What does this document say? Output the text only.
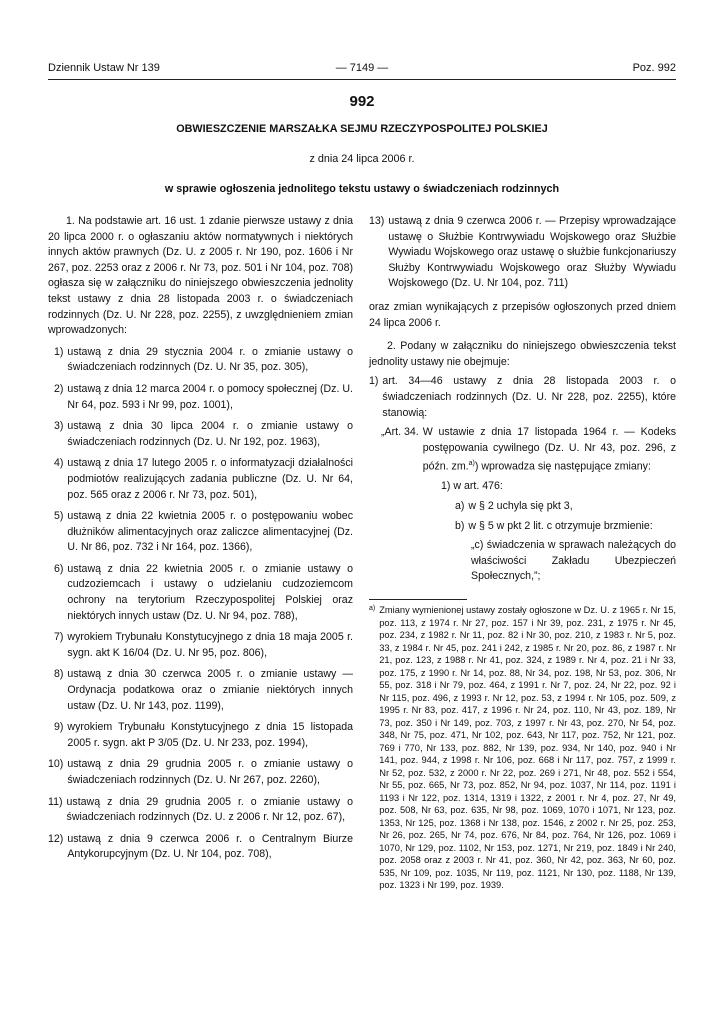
Dziennik Ustaw Nr 139	— 7149 —	Poz. 992
992
OBWIESZCZENIE MARSZAŁKA SEJMU RZECZYPOSPOLITEJ POLSKIEJ
z dnia 24 lipca 2006 r.
w sprawie ogłoszenia jednolitego tekstu ustawy o świadczeniach rodzinnych

1. Na podstawie art. 16 ust. 1 zdanie pierwsze ustawy z dnia 20 lipca 2000 r. o ogłaszaniu aktów normatywnych i niektórych innych aktów prawnych (Dz. U. z 2005 r. Nr 190, poz. 1606 i Nr 267, poz. 2253 oraz z 2006 r. Nr 73, poz. 501 i Nr 104, poz. 708) ogłasza się w załączniku do niniejszego obwieszczenia jednolity tekst ustawy z dnia 28 listopada 2003 r. o świadczeniach rodzinnych (Dz. U. Nr 228, poz. 2255), z uwzględnieniem zmian wprowadzonych:

1) ustawą z dnia 29 stycznia 2004 r. o zmianie ustawy o świadczeniach rodzinnych (Dz. U. Nr 35, poz. 305),
2) ustawą z dnia 12 marca 2004 r. o pomocy społecznej (Dz. U. Nr 64, poz. 593 i Nr 99, poz. 1001),
3) ustawą z dnia 30 lipca 2004 r. o zmianie ustawy o świadczeniach rodzinnych (Dz. U. Nr 192, poz. 1963),
4) ustawą z dnia 17 lutego 2005 r. o informatyzacji działalności podmiotów realizujących zadania publiczne (Dz. U. Nr 64, poz. 565 oraz z 2006 r. Nr 73, poz. 501),
5) ustawą z dnia 22 kwietnia 2005 r. o postępowaniu wobec dłużników alimentacyjnych oraz zaliczce alimentacyjnej (Dz. U. Nr 86, poz. 732 i Nr 164, poz. 1366),
6) ustawą z dnia 22 kwietnia 2005 r. o zmianie ustawy o cudzoziemcach i ustawy o udzielaniu cudzoziemcom ochrony na terytorium Rzeczypospolitej Polskiej oraz niektórych innych ustaw (Dz. U. Nr 94, poz. 788),
7) wyrokiem Trybunału Konstytucyjnego z dnia 18 maja 2005 r. sygn. akt K 16/04 (Dz. U. Nr 95, poz. 806),
8) ustawą z dnia 30 czerwca 2005 r. o zmianie ustawy — Ordynacja podatkowa oraz o zmianie niektórych innych ustaw (Dz. U. Nr 143, poz. 1199),
9) wyrokiem Trybunału Konstytucyjnego z dnia 15 listopada 2005 r. sygn. akt P 3/05 (Dz. U. Nr 233, poz. 1994),
10) ustawą z dnia 29 grudnia 2005 r. o zmianie ustawy o świadczeniach rodzinnych (Dz. U. Nr 267, poz. 2260),
11) ustawą z dnia 29 grudnia 2005 r. o zmianie ustawy o świadczeniach rodzinnych (Dz. U. z 2006 r. Nr 12, poz. 67),
12) ustawą z dnia 9 czerwca 2006 r. o Centralnym Biurze Antykorupcyjnym (Dz. U. Nr 104, poz. 708),
13) ustawą z dnia 9 czerwca 2006 r. — Przepisy wprowadzające ustawę o Służbie Kontrwywiadu Wojskowego oraz Służbie Wywiadu Wojskowego oraz ustawę o służbie funkcjonariuszy Służby Kontrwywiadu Wojskowego oraz Służby Wywiadu Wojskowego (Dz. U. Nr 104, poz. 711)

oraz zmian wynikających z przepisów ogłoszonych przed dniem 24 lipca 2006 r.

2. Podany w załączniku do niniejszego obwieszczenia tekst jednolity ustawy nie obejmuje:

1) art. 34—46 ustawy z dnia 28 listopada 2003 r. o świadczeniach rodzinnych (Dz. U. Nr 228, poz. 2255), które stanowią:
„Art. 34. W ustawie z dnia 17 listopada 1964 r. — Kodeks postępowania cywilnego (Dz. U. Nr 43, poz. 296, z późn. zm.$^{a)}$) wprowadza się następujące zmiany:
1) w art. 476:
a) w § 2 uchyla się pkt 3,
b) w § 5 w pkt 2 lit. c otrzymuje brzmienie:
„c) świadczenia w sprawach należących do właściwości Zakładu Ubezpieczeń Społecznych,”;
a) Zmiany wymienionej ustawy zostały ogłoszone w Dz. U. z 1965 r. Nr 15, poz. 113, z 1974 r. Nr 27, poz. 157 i Nr 39, poz. 231, z 1975 r. Nr 45, poz. 234, z 1982 r. Nr 11, poz. 82 i Nr 30, poz. 210, z 1983 r. Nr 5, poz. 33, z 1984 r. Nr 45, poz. 241 i 242, z 1985 r. Nr 20, poz. 86, z 1987 r. Nr 21, poz. 123, z 1988 r. Nr 41, poz. 324, z 1989 r. Nr 4, poz. 21 i Nr 33, poz. 175, z 1990 r. Nr 14, poz. 88, Nr 34, poz. 198, Nr 53, poz. 306, Nr 55, poz. 318 i Nr 79, poz. 464, z 1991 r. Nr 7, poz. 24, Nr 22, poz. 92 i Nr 115, poz. 496, z 1993 r. Nr 12, poz. 53, z 1994 r. Nr 105, poz. 509, z 1995 r. Nr 83, poz. 417, z 1996 r. Nr 24, poz. 110, Nr 43, poz. 189, Nr 73, poz. 350 i Nr 149, poz. 703, z 1997 r. Nr 43, poz. 270, Nr 54, poz. 348, Nr 75, poz. 471, Nr 102, poz. 643, Nr 117, poz. 752, Nr 121, poz. 769 i 770, Nr 133, poz. 882, Nr 139, poz. 934, Nr 140, poz. 940 i Nr 141, poz. 944, z 1998 r. Nr 106, poz. 668 i Nr 117, poz. 757, z 1999 r. Nr 52, poz. 532, z 2000 r. Nr 22, poz. 269 i 271, Nr 48, poz. 552 i 554, Nr 55, poz. 665, Nr 73, poz. 852, Nr 94, poz. 1037, Nr 114, poz. 1191 i 1193 i Nr 122, poz. 1314, 1319 i 1322, z 2001 r. Nr 4, poz. 27, Nr 49, poz. 508, Nr 63, poz. 635, Nr 98, poz. 1069, 1070 i 1071, Nr 123, poz. 1353, Nr 125, poz. 1368 i Nr 138, poz. 1546, z 2002 r. Nr 25, poz. 253, Nr 26, poz. 265, Nr 74, poz. 676, Nr 84, poz. 764, Nr 126, poz. 1069 i 1070, Nr 129, poz. 1102, Nr 153, poz. 1271, Nr 219, poz. 1849 i Nr 240, poz. 2058 oraz z 2003 r. Nr 41, poz. 360, Nr 42, poz. 363, Nr 60, poz. 535, Nr 109, poz. 1035, Nr 119, poz. 1121, Nr 130, poz. 1188, Nr 139, poz. 1323 i Nr 199, poz. 1939.
